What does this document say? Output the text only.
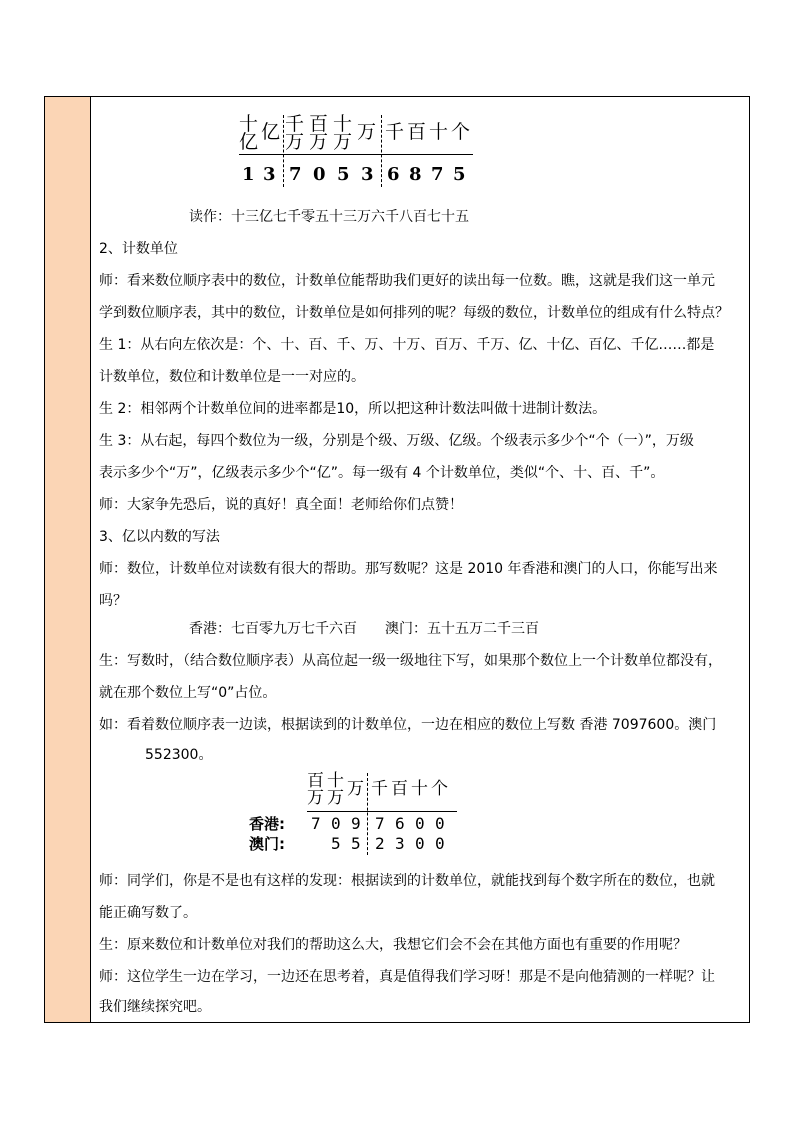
十
亿 亿 千
万
百
万
十
万 万 千 百 十 个
1 3 7 0 5 3 6 8 7 5
读作：十三亿七千零五十三万六千八百七十五
2、计数单位
师：看来数位顺序表中的数位，计数单位能帮助我们更好的读出每一位数。瞧，这就是我们这一单元
学到数位顺序表，其中的数位，计数单位是如何排列的呢？每级的数位，计数单位的组成有什么特点？
生 1：从右向左依次是：个、十、百、千、万、十万、百万、千万、亿、十亿、百亿、千亿……都是
计数单位，数位和计数单位是一一对应的。
生 2：相邻两个计数单位间的进率都是10，所以把这种计数法叫做十进制计数法。
生 3：从右起，每四个数位为一级，分别是个级、万级、亿级。个级表示多少个“个（一）”，万级
表示多少个“万”，亿级表示多少个“亿”。每一级有 4 个计数单位，类似“个、十、百、千”。
师：大家争先恐后，说的真好！真全面！老师给你们点赞！
3、亿以内数的写法
师：数位，计数单位对读数有很大的帮助。那写数呢？这是 2010 年香港和澳门的人口，你能写出来
吗？
香港：七百零九万七千六百　　澳门：五十五万二千三百
生：写数时，（结合数位顺序表）从高位起一级一级地往下写，如果那个数位上一个计数单位都没有，
就在那个数位上写“0”占位。
如：看着数位顺序表一边读，根据读到的计数单位，一边在相应的数位上写数 香港 7097600。澳门
552300。
百
万
十
万 万 千 百 十 个
香港: 7 0 9 7 6 0 0
澳门:	5 5 2 3 0 0
师：同学们，你是不是也有这样的发现：根据读到的计数单位，就能找到每个数字所在的数位，也就
能正确写数了。
生：原来数位和计数单位对我们的帮助这么大，我想它们会不会在其他方面也有重要的作用呢？
师：这位学生一边在学习，一边还在思考着，真是值得我们学习呀！那是不是向他猜测的一样呢？让
我们继续探究吧。
